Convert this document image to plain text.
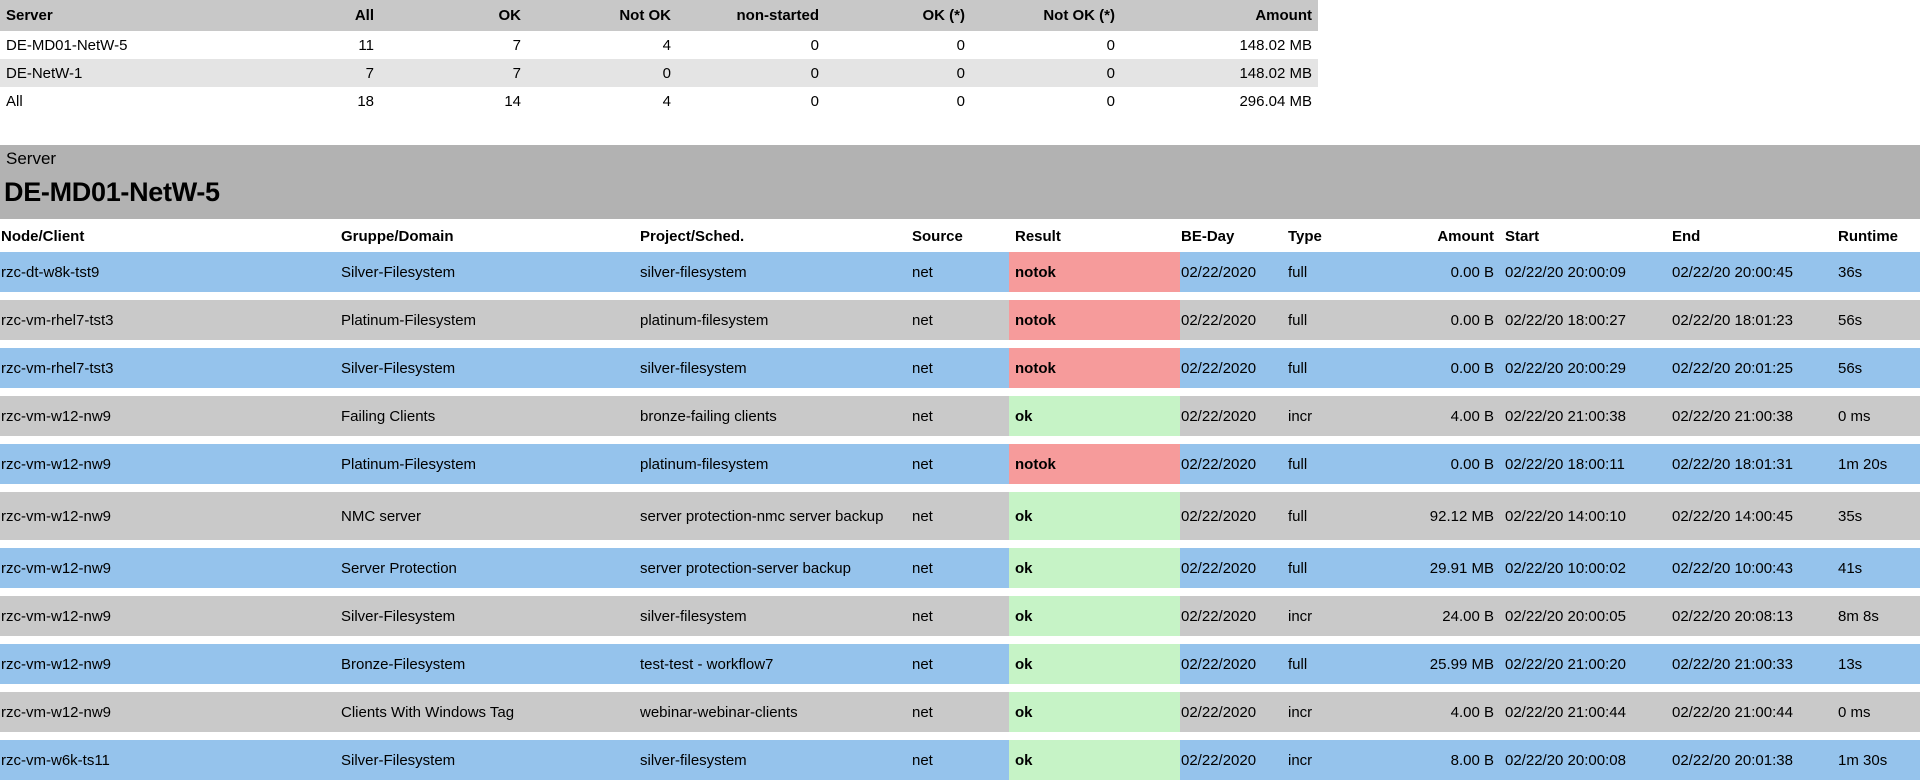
Server	All	OK	Not OK	non-started	OK (*)	Not OK (*)	Amount
DE-MD01-NetW-5	11	7	4	0	0	0	148.02 MB
DE-NetW-1	7	7	0	0	0	0	148.02 MB
All	18	14	4	0	0	0	296.04 MB
Server
DE-MD01-NetW-5
Node/Client	Gruppe/Domain	Project/Sched.	Source	Result	BE-Day	Type	Amount	Start	End	Runtime
rzc-dt-w8k-tst9	Silver-Filesystem	silver-filesystem	net	notok	02/22/2020	full	0.00 B	02/22/20 20:00:09	02/22/20 20:00:45	36s

rzc-vm-rhel7-tst3	Platinum-Filesystem	platinum-filesystem	net	notok	02/22/2020	full	0.00 B	02/22/20 18:00:27	02/22/20 18:01:23	56s

rzc-vm-rhel7-tst3	Silver-Filesystem	silver-filesystem	net	notok	02/22/2020	full	0.00 B	02/22/20 20:00:29	02/22/20 20:01:25	56s

rzc-vm-w12-nw9	Failing Clients	bronze-failing clients	net	ok	02/22/2020	incr	4.00 B	02/22/20 21:00:38	02/22/20 21:00:38	0 ms

rzc-vm-w12-nw9	Platinum-Filesystem	platinum-filesystem	net	notok	02/22/2020	full	0.00 B	02/22/20 18:00:11	02/22/20 18:01:31	1m 20s

rzc-vm-w12-nw9	NMC server	server protection-nmc server backup	net	ok	02/22/2020	full	92.12 MB	02/22/20 14:00:10	02/22/20 14:00:45	35s

rzc-vm-w12-nw9	Server Protection	server protection-server backup	net	ok	02/22/2020	full	29.91 MB	02/22/20 10:00:02	02/22/20 10:00:43	41s

rzc-vm-w12-nw9	Silver-Filesystem	silver-filesystem	net	ok	02/22/2020	incr	24.00 B	02/22/20 20:00:05	02/22/20 20:08:13	8m 8s

rzc-vm-w12-nw9	Bronze-Filesystem	test-test - workflow7	net	ok	02/22/2020	full	25.99 MB	02/22/20 21:00:20	02/22/20 21:00:33	13s

rzc-vm-w12-nw9	Clients With Windows Tag	webinar-webinar-clients	net	ok	02/22/2020	incr	4.00 B	02/22/20 21:00:44	02/22/20 21:00:44	0 ms

rzc-vm-w6k-ts11	Silver-Filesystem	silver-filesystem	net	ok	02/22/2020	incr	8.00 B	02/22/20 20:00:08	02/22/20 20:01:38	1m 30s
